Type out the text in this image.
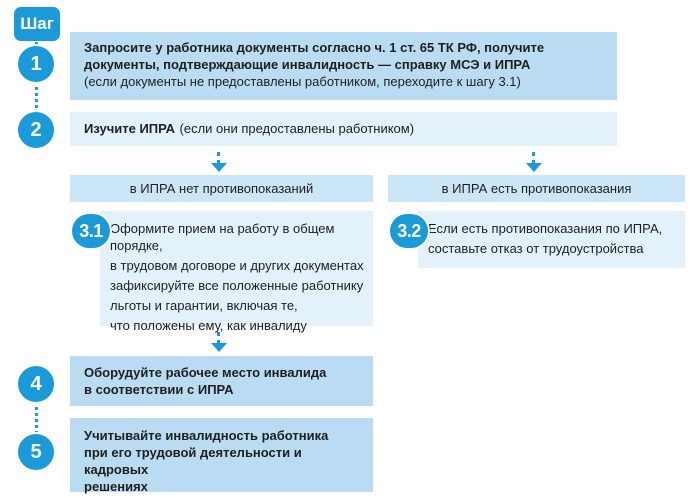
Шаг
Запросите у работника документы согласно ч. 1 ст. 65 ТК РФ, получите документы, подтверждающие инвалидность — справку МСЭ и ИПРА
(если документы не предоставлены работником, переходите к шагу 3.1)
1
Изучите ИПРА (если они предоставлены работником)
2
в ИПРА нет противопоказаний	в ИПРА есть противопоказания
Оформите прием на работу в общем порядке,
в трудовом договоре и других документах
зафиксируйте все положенные работнику
льготы и гарантии, включая те,
что положены ему, как инвалиду
3.1	Если есть противопоказания по ИПРА,
составьте отказ от трудоустройства
3.2
Оборудуйте рабочее место инвалида
в соответствии с ИПРА
4
Учитывайте инвалидность работника
при его трудовой деятельности и кадровых
решениях
5
